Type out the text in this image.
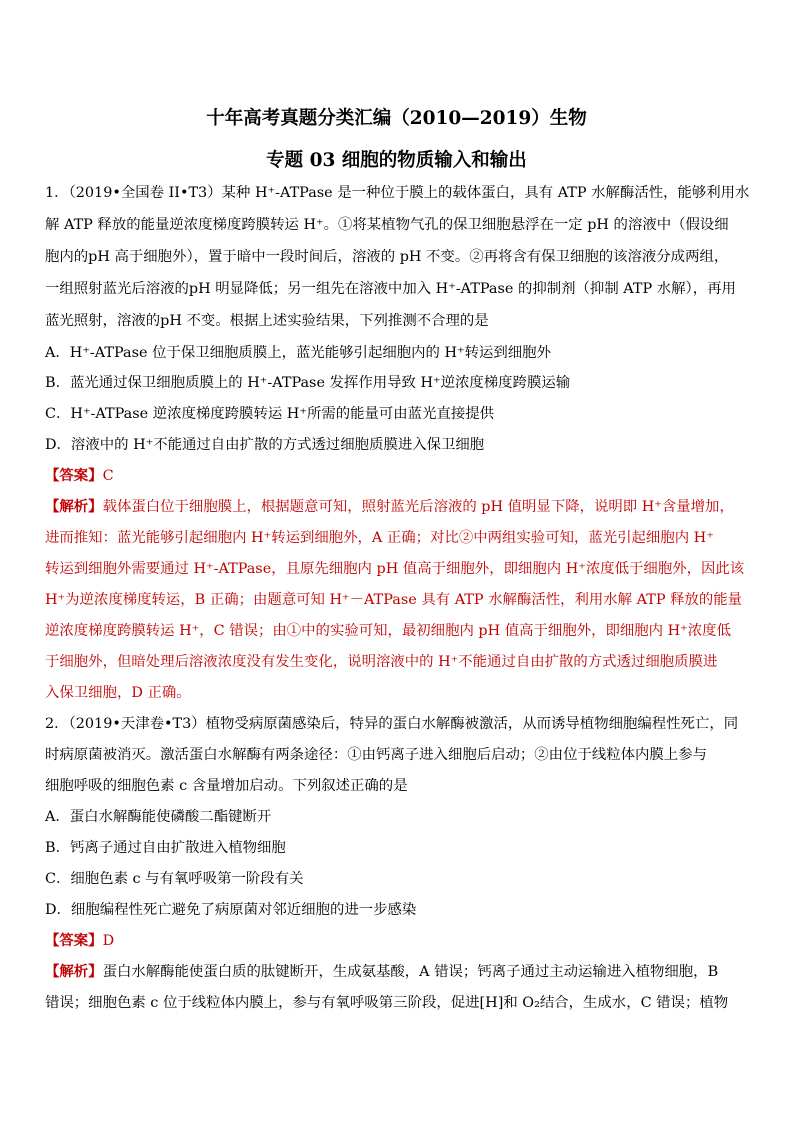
十年高考真题分类汇编（2010—2019）生物
专题 03 细胞的物质输入和输出
1．（2019•全国卷 II•T3）某种 H⁺-ATPase 是一种位于膜上的载体蛋白，具有 ATP 水解酶活性，能够利用水
解 ATP 释放的能量逆浓度梯度跨膜转运 H⁺。①将某植物气孔的保卫细胞悬浮在一定 pH 的溶液中（假设细
胞内的pH 高于细胞外），置于暗中一段时间后，溶液的 pH 不变。②再将含有保卫细胞的该溶液分成两组，
一组照射蓝光后溶液的pH 明显降低；另一组先在溶液中加入 H⁺-ATPase 的抑制剂（抑制 ATP 水解），再用
蓝光照射，溶液的pH 不变。根据上述实验结果，下列推测不合理的是
A．H⁺-ATPase 位于保卫细胞质膜上，蓝光能够引起细胞内的 H⁺转运到细胞外
B．蓝光通过保卫细胞质膜上的 H⁺-ATPase 发挥作用导致 H⁺逆浓度梯度跨膜运输
C．H⁺-ATPase 逆浓度梯度跨膜转运 H⁺所需的能量可由蓝光直接提供
D．溶液中的 H⁺不能通过自由扩散的方式透过细胞质膜进入保卫细胞
【答案】C
【解析】载体蛋白位于细胞膜上，根据题意可知，照射蓝光后溶液的 pH 值明显下降，说明即 H⁺含量增加，
进而推知：蓝光能够引起细胞内 H⁺转运到细胞外，A 正确；对比②中两组实验可知，蓝光引起细胞内 H⁺
转运到细胞外需要通过 H⁺-ATPase，且原先细胞内 pH 值高于细胞外，即细胞内 H⁺浓度低于细胞外，因此该
H⁺为逆浓度梯度转运，B 正确；由题意可知 H⁺－ATPase 具有 ATP 水解酶活性，利用水解 ATP 释放的能量
逆浓度梯度跨膜转运 H⁺，C 错误；由①中的实验可知，最初细胞内 pH 值高于细胞外，即细胞内 H⁺浓度低
于细胞外，但暗处理后溶液浓度没有发生变化，说明溶液中的 H⁺不能通过自由扩散的方式透过细胞质膜进
入保卫细胞，D 正确。
2．（2019•天津卷•T3）植物受病原菌感染后，特异的蛋白水解酶被激活，从而诱导植物细胞编程性死亡，同
时病原菌被消灭。激活蛋白水解酶有两条途径：①由钙离子进入细胞后启动；②由位于线粒体内膜上参与
细胞呼吸的细胞色素 c 含量增加启动。下列叙述正确的是
A．蛋白水解酶能使磷酸二酯键断开
B．钙离子通过自由扩散进入植物细胞
C．细胞色素 c 与有氧呼吸第一阶段有关
D．细胞编程性死亡避免了病原菌对邻近细胞的进一步感染
【答案】D
【解析】蛋白水解酶能使蛋白质的肽键断开，生成氨基酸，A 错误；钙离子通过主动运输进入植物细胞，B
错误；细胞色素 c 位于线粒体内膜上，参与有氧呼吸第三阶段，促进[H]和 O₂结合，生成水，C 错误；植物
